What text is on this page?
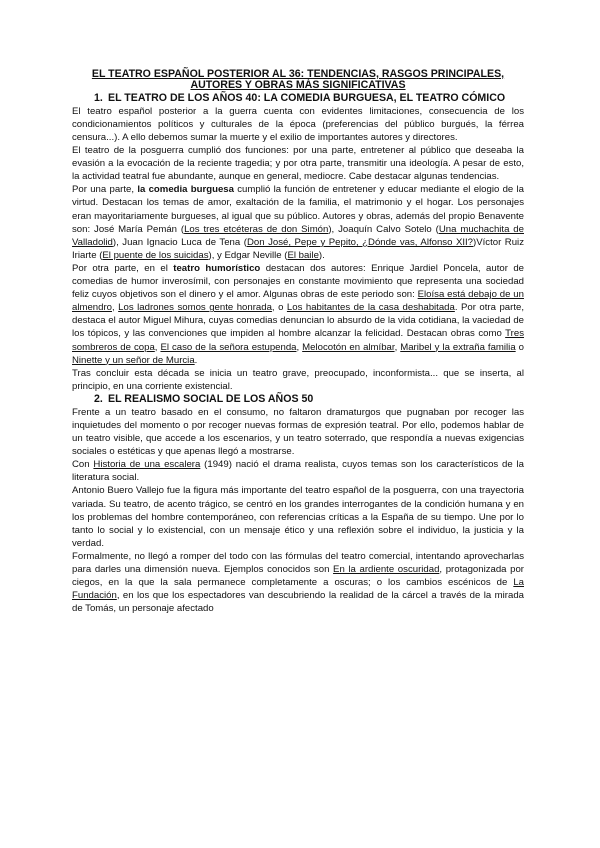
EL TEATRO ESPAÑOL POSTERIOR AL 36: TENDENCIAS, RASGOS PRINCIPALES, AUTORES Y OBRAS MÁS SIGNIFICATIVAS
1. EL TEATRO DE LOS AÑOS 40: LA COMEDIA BURGUESA, EL TEATRO CÓMICO

El teatro español posterior a la guerra cuenta con evidentes limitaciones, consecuencia de los condicionamientos políticos y culturales de la época (preferencias del público burgués, la férrea censura...). A ello debemos sumar la muerte y el exilio de importantes autores y directores.

El teatro de la posguerra cumplió dos funciones: por una parte, entretener al público que deseaba la evasión a la evocación de la reciente tragedia; y por otra parte, transmitir una ideología. A pesar de esto, la actividad teatral fue abundante, aunque en general, mediocre. Cabe destacar algunas tendencias.

Por una parte, la comedia burguesa cumplió la función de entretener y educar mediante el elogio de la virtud. Destacan los temas de amor, exaltación de la familia, el matrimonio y el hogar. Los personajes eran mayoritariamente burgueses, al igual que su público. Autores y obras, además del propio Benavente son: José María Pemán (Los tres etcéteras de don Simón), Joaquín Calvo Sotelo (Una muchachita de Valladolid), Juan Ignacio Luca de Tena (Don José, Pepe y Pepito, ¿Dónde vas, Alfonso XII?)Víctor Ruiz Iriarte (El puente de los suicidas), y Edgar Neville (El baile).

Por otra parte, en el teatro humorístico destacan dos autores: Enrique Jardiel Poncela, autor de comedias de humor inverosímil, con personajes en constante movimiento que representa una sociedad feliz cuyos objetivos son el dinero y el amor. Algunas obras de este periodo son: Eloísa está debajo de un almendro, Los ladrones somos gente honrada, o Los habitantes de la casa deshabitada. Por otra parte, destaca el autor Miguel Mihura, cuyas comedias denuncian lo absurdo de la vida cotidiana, la vaciedad de los tópicos, y las convenciones que impiden al hombre alcanzar la felicidad. Destacan obras como Tres sombreros de copa, El caso de la señora estupenda, Melocotón en almíbar, Maribel y la extraña familia o Ninette y un señor de Murcia.

Tras concluir esta década se inicia un teatro grave, preocupado, inconformista... que se inserta, al principio, en una corriente existencial.

2. EL REALISMO SOCIAL DE LOS AÑOS 50

Frente a un teatro basado en el consumo, no faltaron dramaturgos que pugnaban por recoger las inquietudes del momento o por recoger nuevas formas de expresión teatral. Por ello, podemos hablar de un teatro visible, que accede a los escenarios, y un teatro soterrado, que respondía a nuevas exigencias sociales o estéticas y que apenas llegó a mostrarse.

Con Historia de una escalera (1949) nació el drama realista, cuyos temas son los característicos de la literatura social.

Antonio Buero Vallejo fue la figura más importante del teatro español de la posguerra, con una trayectoria variada. Su teatro, de acento trágico, se centró en los grandes interrogantes de la condición humana y en los problemas del hombre contemporáneo, con referencias críticas a la España de su tiempo. Une por lo tanto lo social y lo existencial, con un mensaje ético y una reflexión sobre el individuo, la justicia y la verdad.

Formalmente, no llegó a romper del todo con las fórmulas del teatro comercial, intentando aprovecharlas para darles una dimensión nueva. Ejemplos conocidos son En la ardiente oscuridad, protagonizada por ciegos, en la que la sala permanece completamente a oscuras; o los cambios escénicos de La Fundación, en los que los espectadores van descubriendo la realidad de la cárcel a través de la mirada de Tomás, un personaje afectado
